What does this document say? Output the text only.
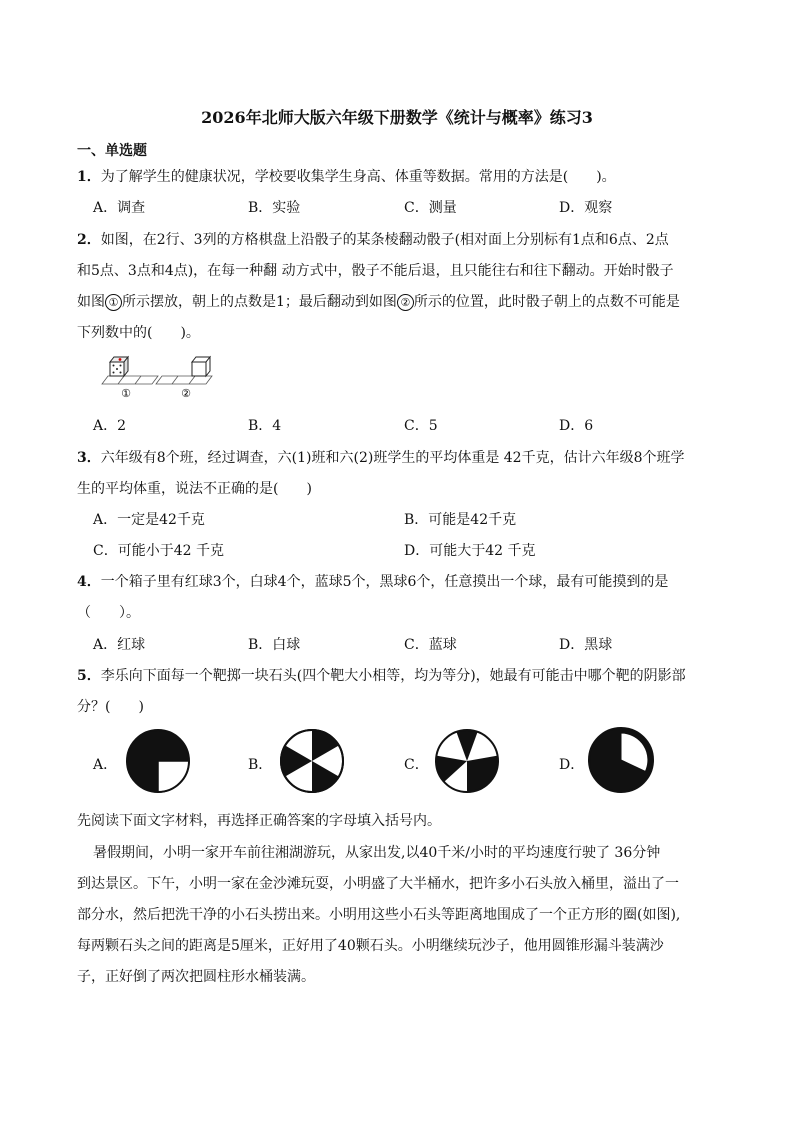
2026年北师大版六年级下册数学《统计与概率》练习3
一、单选题
1．为了解学生的健康状况，学校要收集学生身高、体重等数据。常用的方法是(　　)。
A．调查	B．实验	C．测量	D．观察
2．如图，在2行、3列的方格棋盘上沿骰子的某条棱翻动骰子(相对面上分别标有1点和6点、2点
和5点、3点和4点)，在每一种翻 动方式中，骰子不能后退，且只能往右和往下翻动。开始时骰子
如图 ① 所示摆放，朝上的点数是1；最后翻动到如图 ② 所示的位置，此时骰子朝上的点数不可能是
下列数中的(　　)。
①	②
A．2	B．4	C．5	D．6
3．六年级有8个班，经过调查，六(1)班和六(2)班学生的平均体重是 42千克，估计六年级8个班学
生的平均体重，说法不正确的是(　　)
A．一定是42千克	B．可能是42千克
C．可能小于42 千克	D．可能大于42 千克
4．一个箱子里有红球3个，白球4个，蓝球5个，黑球6个，任意摸出一个球，最有可能摸到的是
（　　）。
A．红球	B．白球	C．蓝球	D．黑球
5．李乐向下面每一个靶掷一块石头(四个靶大小相等，均为等分)，她最有可能击中哪个靶的阴影部
分？(　　)
A．	B．	C．	D．
先阅读下面文字材料，再选择正确答案的字母填入括号内。
暑假期间，小明一家开车前往湘湖游玩，从家出发,以40千米/小时的平均速度行驶了 36分钟
到达景区。下午，小明一家在金沙滩玩耍，小明盛了大半桶水，把许多小石头放入桶里，溢出了一
部分水，然后把洗干净的小石头捞出来。小明用这些小石头等距离地围成了一个正方形的圈(如图),
每两颗石头之间的距离是5厘米，正好用了40颗石头。小明继续玩沙子，他用圆锥形漏斗装满沙
子，正好倒了两次把圆柱形水桶装满。
